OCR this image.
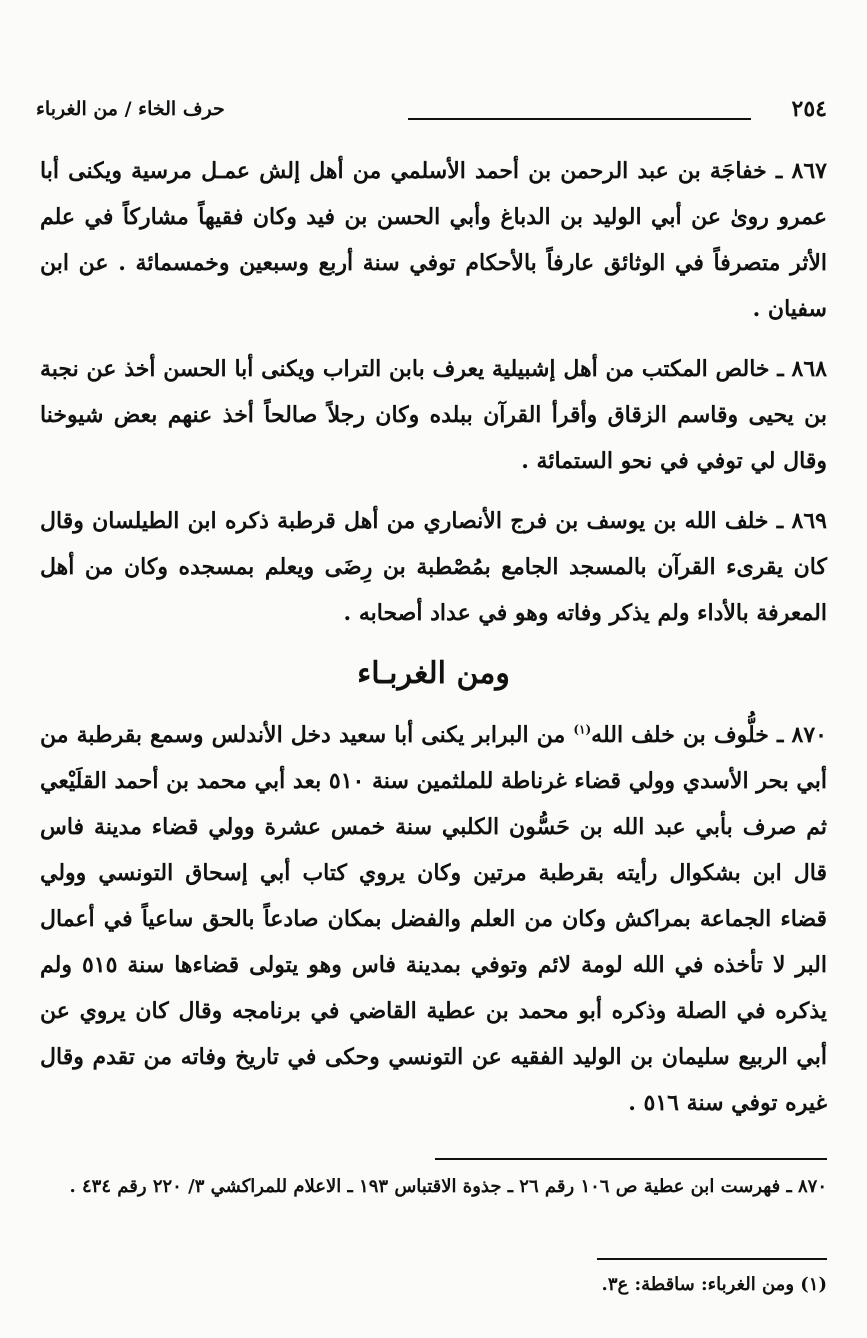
٢٥٤
حرف الخاء / من الغرباء

٨٦٧ ـ خفاجَة بن عبد الرحمن بن أحمد الأسلمي من أهل إلش عمـل مرسية ويكنى أبا عمرو روىٰ عن أبي الوليد بن الدباغ وأبي الحسن بن فيد وكان فقيهاً مشاركاً في علم الأثر متصرفاً في الوثائق عارفاً بالأحكام توفي سنة أربع وسبعين وخمسمائة . عن ابن سفيان .

٨٦٨ ـ خالص المكتب من أهل إشبيلية يعرف بابن التراب ويكنى أبا الحسن أخذ عن نجبة بن يحيى وقاسم الزقاق وأقرأ القرآن ببلده وكان رجلاً صالحاً أخذ عنهم بعض شيوخنا وقال لي توفي في نحو الستمائة .

٨٦٩ ـ خلف الله بن يوسف بن فرج الأنصاري من أهل قرطبة ذكره ابن الطيلسان وقال كان يقرىء القرآن بالمسجد الجامع بمُصْطبة بن رِضَى ويعلم بمسجده وكان من أهل المعرفة بالأداء ولم يذكر وفاته وهو في عداد أصحابه .

ومن الغربـاء

٨٧٠ ـ خلُّوف بن خلف الله$^{(١)}$ من البرابر يكنى أبا سعيد دخل الأندلس وسمع بقرطبة من أبي بحر الأسدي وولي قضاء غرناطة للملثمين سنة ٥١٠ بعد أبي محمد بن أحمد القلَيْعي ثم صرف بأبي عبد الله بن حَسُّون الكلبي سنة خمس عشرة وولي قضاء مدينة فاس قال ابن بشكوال رأيته بقرطبة مرتين وكان يروي كتاب أبي إسحاق التونسي وولي قضاء الجماعة بمراكش وكان من العلم والفضل بمكان صادعاً بالحق ساعياً في أعمال البر لا تأخذه في الله لومة لائم وتوفي بمدينة فاس وهو يتولى قضاءها سنة ٥١٥ ولم يذكره في الصلة وذكره أبو محمد بن عطية القاضي في برنامجه وقال كان يروي عن أبي الربيع سليمان بن الوليد الفقيه عن التونسي وحكى في تاريخ وفاته من تقدم وقال غيره توفي سنة ٥١٦ .

٨٧٠ ـ فهرست ابن عطية ص ١٠٦ رقم ٢٦ ـ جذوة الاقتباس ١٩٣ ـ الاعلام للمراكشي ٣/ ٢٢٠ رقم ٤٣٤ .
(١) ومن الغرباء: ساقطة: ع٣.
